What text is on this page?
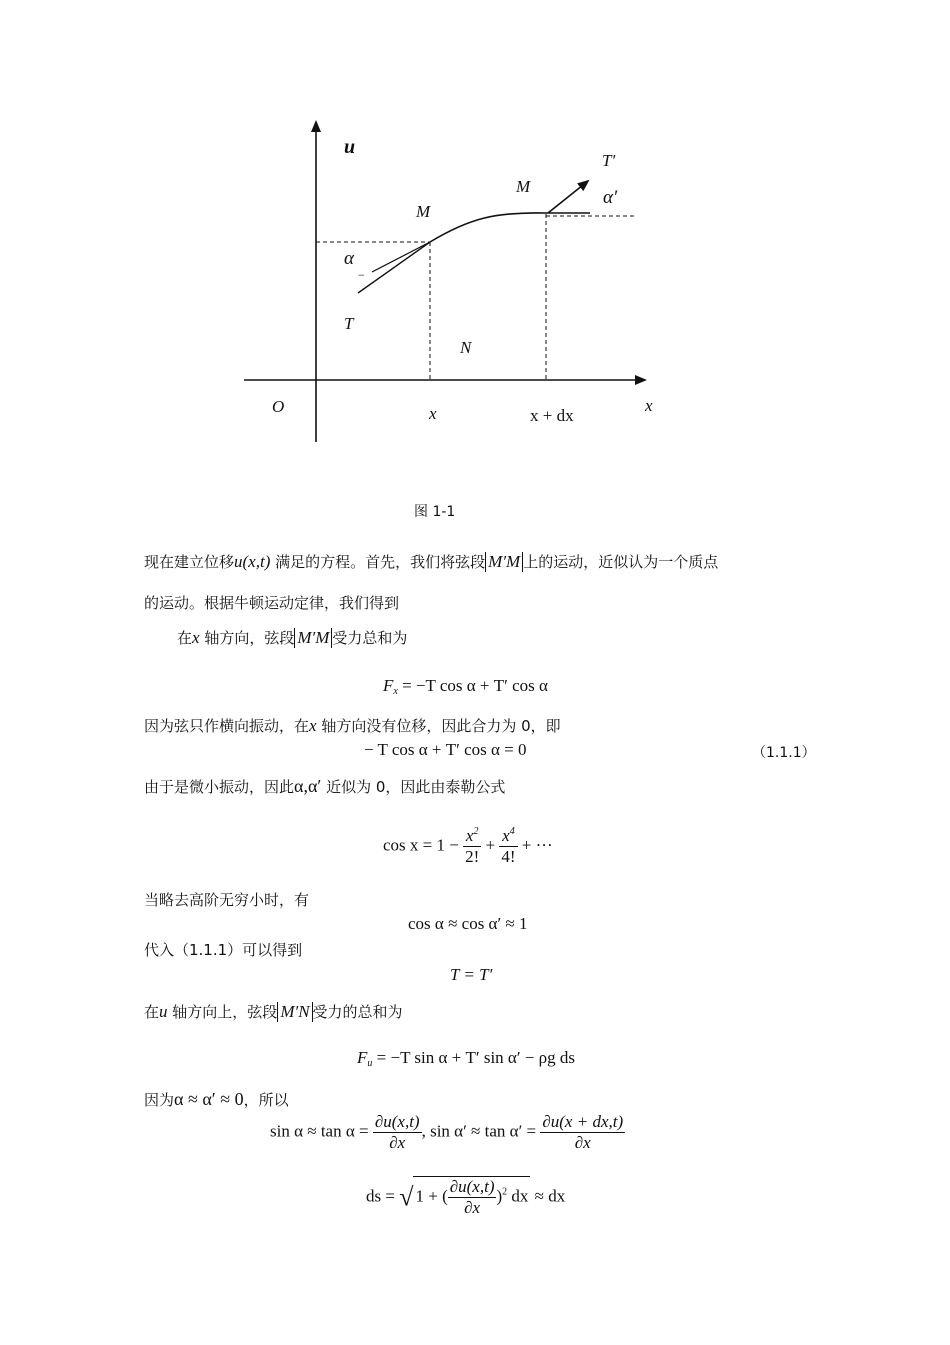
u
O	x
x	x + dx
M
M
N
T
T′
α
−
α′
图 1-1
现在建立位移u(x,t) 满足的方程。首先，我们将弦段 M′M 上的运动，近似认为一个质点
的运动。根据牛顿运动定律，我们得到
在x 轴方向，弦段 M′M 受力总和为
$F_x = -T$ cos α + T′ cos α
因为弦只作横向振动，在x 轴方向没有位移，因此合力为 0，即
− T cos α + T′ cos α = 0	（1.1.1）
由于是微小振动，因此α,α′ 近似为 0，因此由泰勒公式
$\cos x = 1 - \frac{x^2}{2!} + \frac{x^4}{4!}$ + ···
当略去高阶无穷小时，有
cos α ≈ cos α′ ≈ 1
代入（1.1.1）可以得到
T = T′
在u 轴方向上，弦段 M′N 受力的总和为
$F_u = -T$ sin α + T′ sin α′ − ρg ds
因为α ≈ α′ ≈ 0，所以
$\sin \alpha \approx \tan \alpha = \frac{\partial u(x,t)}{\partial x}$ , $\sin \alpha' \approx \tan \alpha' = \frac{\partial u(x + dx,t)}{\partial x}$
ds = √ 1 + ( $\frac{\partial u(x,t)}{\partial x} )^2$ dx ≈ dx
